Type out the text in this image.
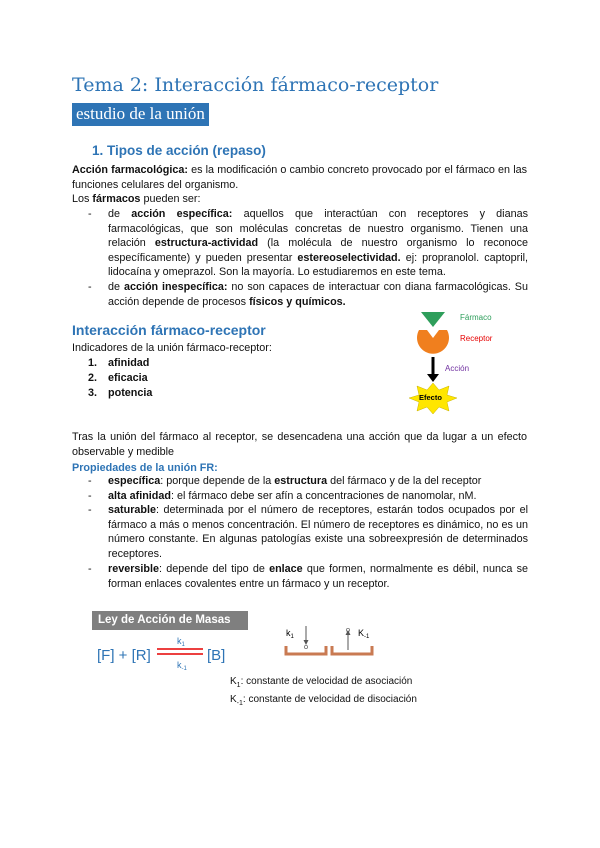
Tema 2: Interacción fármaco-receptor
estudio de la unión
1. Tipos de acción (repaso)
Acción farmacológica: es la modificación o cambio concreto provocado por el fármaco en las funciones celulares del organismo.
Los fármacos pueden ser:
- de acción específica: aquellos que interactúan con receptores y dianas farmacológicas, que son moléculas concretas de nuestro organismo. Tienen una relación estructura-actividad (la molécula de nuestro organismo lo reconoce específicamente) y pueden presentar estereoselectividad. ej: propranolol. captopril, lidocaína y omeprazol. Son la mayoría. Lo estudiaremos en este tema.
- de acción inespecífica: no son capaces de interactuar con diana farmacológicas. Su acción depende de procesos físicos y químicos.
Interacción fármaco-receptor
Indicadores de la unión fármaco-receptor:
1. afinidad
2. eficacia
3. potencia
Fármaco
Receptor
Acción
Efecto
Tras la unión del fármaco al receptor, se desencadena una acción que da lugar a un efecto observable y medible
Propiedades de la unión FR:
- específica: porque depende de la estructura del fármaco y de la del receptor
- alta afinidad: el fármaco debe ser afín a concentraciones de nanomolar, nM.
- saturable: determinada por el número de receptores, estarán todos ocupados por el fármaco a más o menos concentración. El número de receptores es dinámico, no es un número constante. En algunas patologías existe una sobreexpresión de determinados receptores.
- reversible: depende del tipo de enlace que formen, normalmente es débil, nunca se forman enlaces covalentes entre un fármaco y un receptor.
Ley de Acción de Masas
[F] + [R]	[B]
$k_1$
$k_{-1}$
$k_1$	$K_{-1}$
$K_1$: constante de velocidad de asociación
$K_{-1}$: constante de velocidad de disociación
